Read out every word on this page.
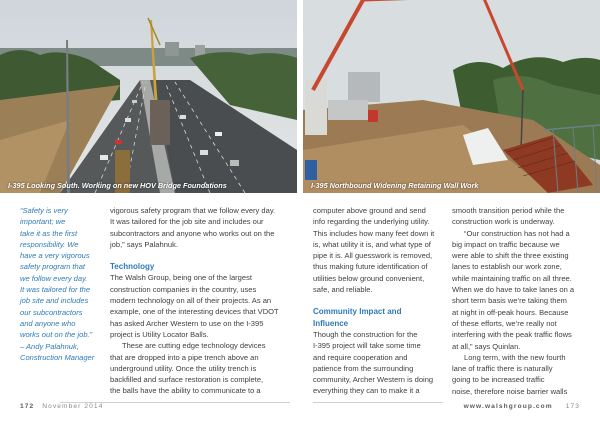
I-395 Looking South. Working on new HOV Bridge Foundations	I-395 Northbound Widening Retaining Wall Work
“Safety is very
important; we
take it as the first
responsibility. We
have a very vigorous
safety program that
we follow every day.
It was tailored for the
job site and includes
our subcontractors
and anyone who
works out on the job.”
– Andy Palahnuk,
Construction Manager
vigorous safety program that we follow every day.
It was tailored for the job site and includes our
subcontractors and anyone who works out on the
job,” says Palahnuk.
Technology
The Walsh Group, being one of the largest
construction companies in the country, uses
modern technology on all of their projects. As an
example, one of the interesting devices that VDOT
has asked Archer Western to use on the I-395
project is Utility Locator Balls.
These are cutting edge technology devices
that are dropped into a pipe trench above an
underground utility. Once the utility trench is
backfilled and surface restoration is complete,
the balls have the ability to communicate to a
computer above ground and send
info regarding the underlying utility.
This includes how many feet down it
is, what utility it is, and what type of
pipe it is. All guesswork is removed,
thus making future identification of
utilities below ground convenient,
safe, and reliable.
Community Impact and
Influence
Though the construction for the
I-395 project will take some time
and require cooperation and
patience from the surrounding
community, Archer Western is doing
everything they can to make it a
smooth transition period while the
construction work is underway.
“Our construction has not had a
big impact on traffic because we
were able to shift the three existing
lanes to establish our work zone,
while maintaining traffic on all three.
When we do have to take lanes on a
short term basis we’re taking them
at night in off-peak hours. Because
of these efforts, we’re really not
interfering with the peak traffic flows
at all,” says Quinlan.
Long term, with the new fourth
lane of traffic there is naturally
going to be increased traffic
noise, therefore noise barrier walls
172 November 2014	www.walshgroup.com 173
